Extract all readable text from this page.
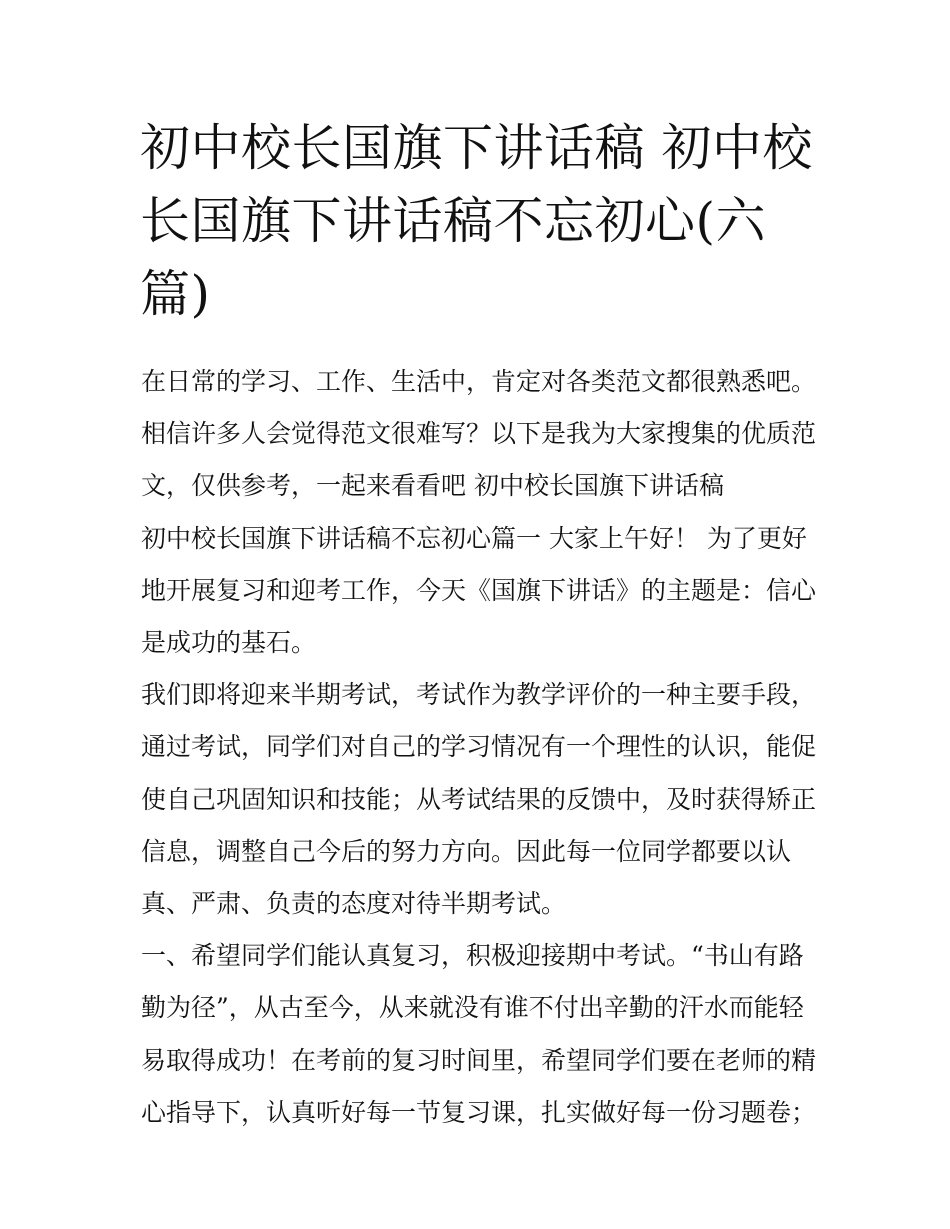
初中校长国旗下讲话稿 初中校
长国旗下讲话稿不忘初心(六
篇)
在日常的学习、工作、生活中，肯定对各类范文都很熟悉吧。
相信许多人会觉得范文很难写？以下是我为大家搜集的优质范
文，仅供参考，一起来看看吧 初中校长国旗下讲话稿
初中校长国旗下讲话稿不忘初心篇一 大家上午好！ 为了更好
地开展复习和迎考工作，今天《国旗下讲话》的主题是：信心
是成功的基石。
我们即将迎来半期考试，考试作为教学评价的一种主要手段，
通过考试，同学们对自己的学习情况有一个理性的认识，能促
使自己巩固知识和技能；从考试结果的反馈中，及时获得矫正
信息，调整自己今后的努力方向。因此每一位同学都要以认
真、严肃、负责的态度对待半期考试。
一、希望同学们能认真复习，积极迎接期中考试。“书山有路
勤为径”，从古至今，从来就没有谁不付出辛勤的汗水而能轻
易取得成功！在考前的复习时间里，希望同学们要在老师的精
心指导下，认真听好每一节复习课，扎实做好每一份习题卷；
